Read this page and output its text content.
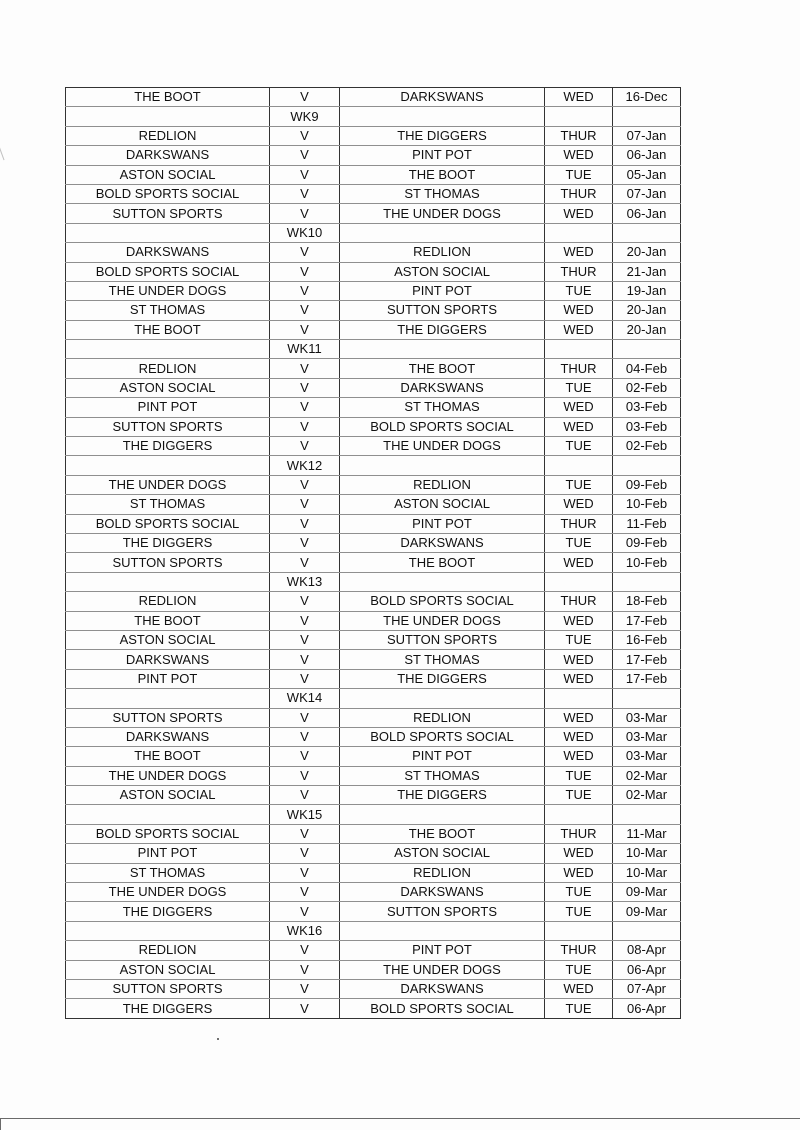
THE BOOT	V	DARKSWANS	WED	16-Dec
	WK9			
REDLION	V	THE DIGGERS	THUR	07-Jan
DARKSWANS	V	PINT POT	WED	06-Jan
ASTON SOCIAL	V	THE BOOT	TUE	05-Jan
BOLD SPORTS SOCIAL	V	ST THOMAS	THUR	07-Jan
SUTTON SPORTS	V	THE UNDER DOGS	WED	06-Jan
	WK10			
DARKSWANS	V	REDLION	WED	20-Jan
BOLD SPORTS SOCIAL	V	ASTON SOCIAL	THUR	21-Jan
THE UNDER DOGS	V	PINT POT	TUE	19-Jan
ST THOMAS	V	SUTTON SPORTS	WED	20-Jan
THE BOOT	V	THE DIGGERS	WED	20-Jan
	WK11			
REDLION	V	THE BOOT	THUR	04-Feb
ASTON SOCIAL	V	DARKSWANS	TUE	02-Feb
PINT POT	V	ST THOMAS	WED	03-Feb
SUTTON SPORTS	V	BOLD SPORTS SOCIAL	WED	03-Feb
THE DIGGERS	V	THE UNDER DOGS	TUE	02-Feb
	WK12			
THE UNDER DOGS	V	REDLION	TUE	09-Feb
ST THOMAS	V	ASTON SOCIAL	WED	10-Feb
BOLD SPORTS SOCIAL	V	PINT POT	THUR	11-Feb
THE DIGGERS	V	DARKSWANS	TUE	09-Feb
SUTTON SPORTS	V	THE BOOT	WED	10-Feb
	WK13			
REDLION	V	BOLD SPORTS SOCIAL	THUR	18-Feb
THE BOOT	V	THE UNDER DOGS	WED	17-Feb
ASTON SOCIAL	V	SUTTON SPORTS	TUE	16-Feb
DARKSWANS	V	ST THOMAS	WED	17-Feb
PINT POT	V	THE DIGGERS	WED	17-Feb
	WK14			
SUTTON SPORTS	V	REDLION	WED	03-Mar
DARKSWANS	V	BOLD SPORTS SOCIAL	WED	03-Mar
THE BOOT	V	PINT POT	WED	03-Mar
THE UNDER DOGS	V	ST THOMAS	TUE	02-Mar
ASTON SOCIAL	V	THE DIGGERS	TUE	02-Mar
	WK15			
BOLD SPORTS SOCIAL	V	THE BOOT	THUR	11-Mar
PINT POT	V	ASTON SOCIAL	WED	10-Mar
ST THOMAS	V	REDLION	WED	10-Mar
THE UNDER DOGS	V	DARKSWANS	TUE	09-Mar
THE DIGGERS	V	SUTTON SPORTS	TUE	09-Mar
	WK16			
REDLION	V	PINT POT	THUR	08-Apr
ASTON SOCIAL	V	THE UNDER DOGS	TUE	06-Apr
SUTTON SPORTS	V	DARKSWANS	WED	07-Apr
THE DIGGERS	V	BOLD SPORTS SOCIAL	TUE	06-Apr
